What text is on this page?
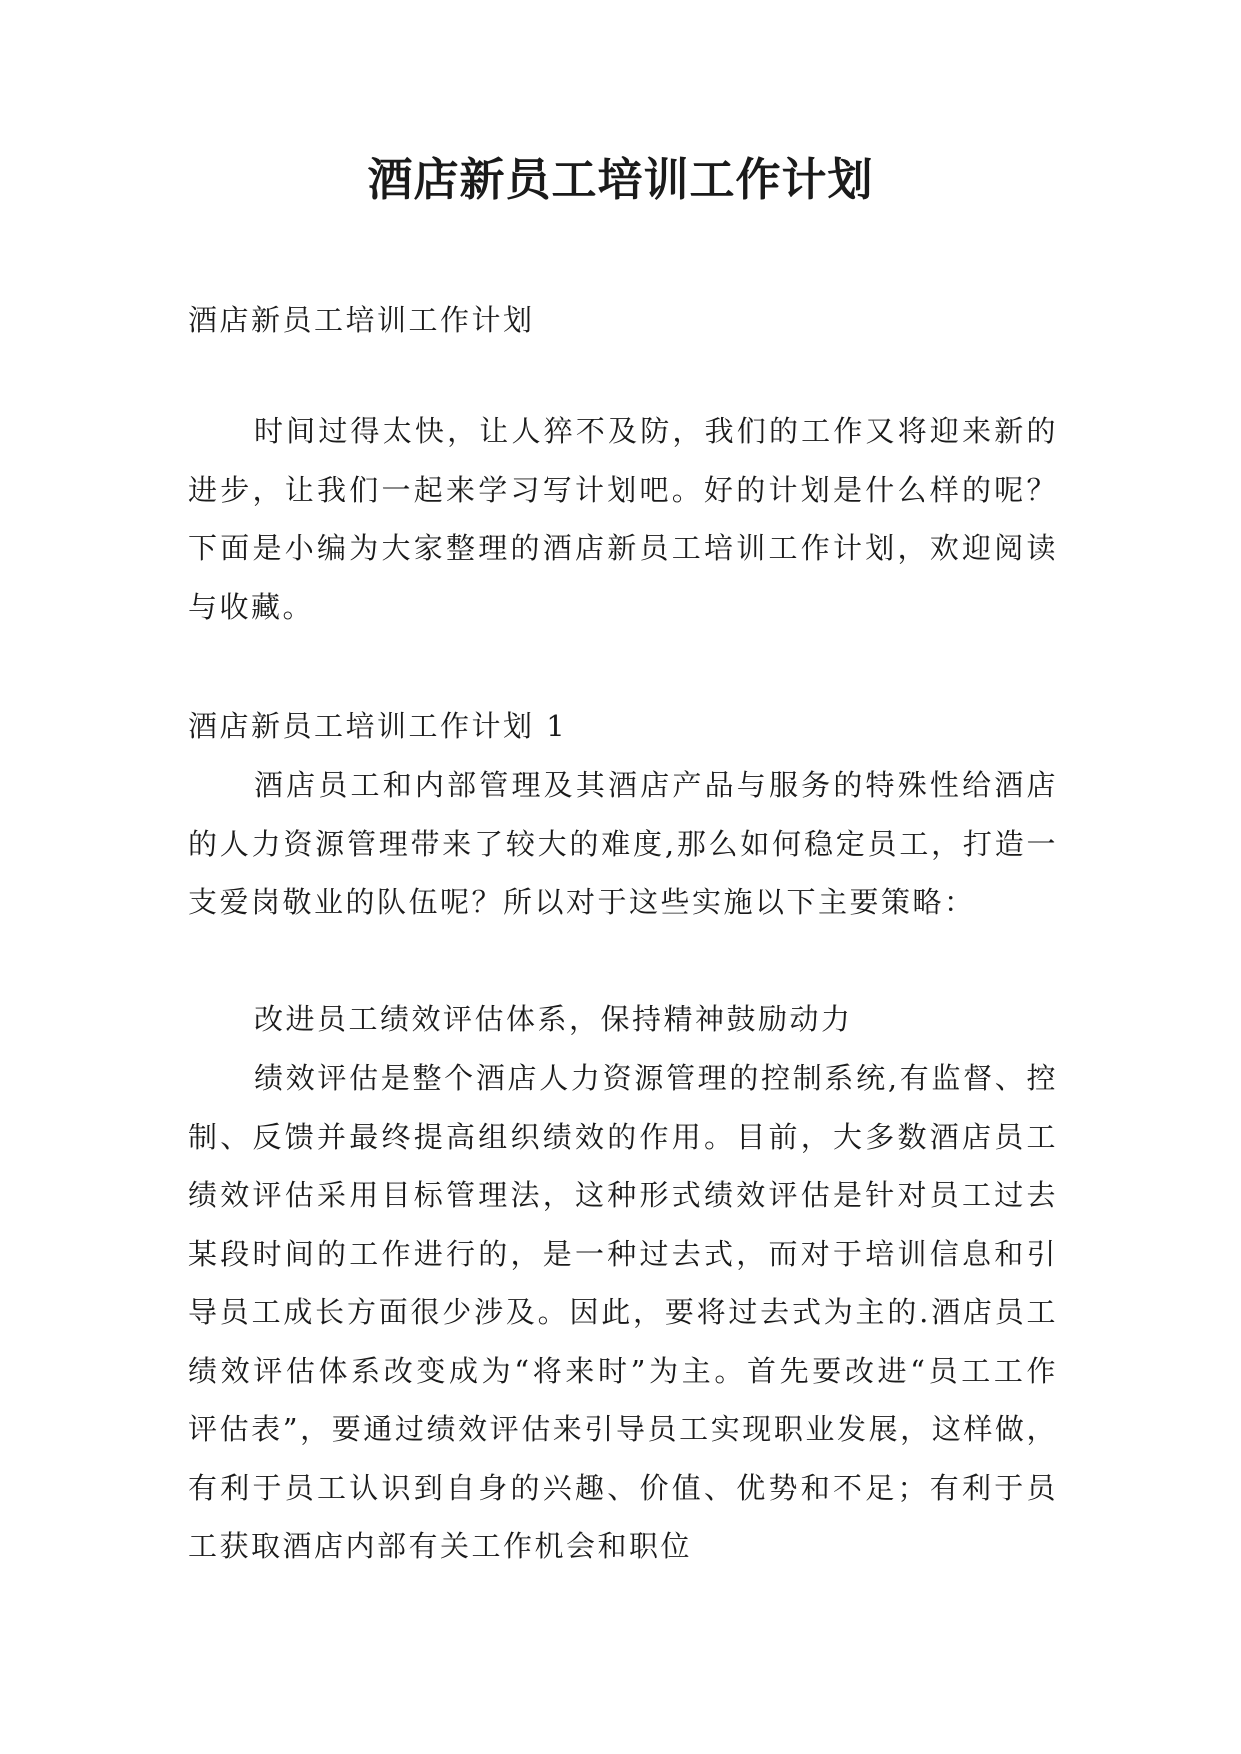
酒店新员工培训工作计划

酒店新员工培训工作计划

时间过得太快，让人猝不及防，我们的工作又将迎来新的进步，让我们一起来学习写计划吧。好的计划是什么样的呢？下面是小编为大家整理的酒店新员工培训工作计划，欢迎阅读与收藏。

酒店新员工培训工作计划 1

酒店员工和内部管理及其酒店产品与服务的特殊性给酒店的人力资源管理带来了较大的难度,那么如何稳定员工，打造一支爱岗敬业的队伍呢？所以对于这些实施以下主要策略：

改进员工绩效评估体系，保持精神鼓励动力

绩效评估是整个酒店人力资源管理的控制系统,有监督、控制、反馈并最终提高组织绩效的作用。目前，大多数酒店员工绩效评估采用目标管理法，这种形式绩效评估是针对员工过去某段时间的工作进行的，是一种过去式，而对于培训信息和引导员工成长方面很少涉及。因此，要将过去式为主的.酒店员工绩效评估体系改变成为“将来时”为主。首先要改进“员工工作评估表”，要通过绩效评估来引导员工实现职业发展，这样做，有利于员工认识到自身的兴趣、价值、优势和不足；有利于员工获取酒店内部有关工作机会和职位
